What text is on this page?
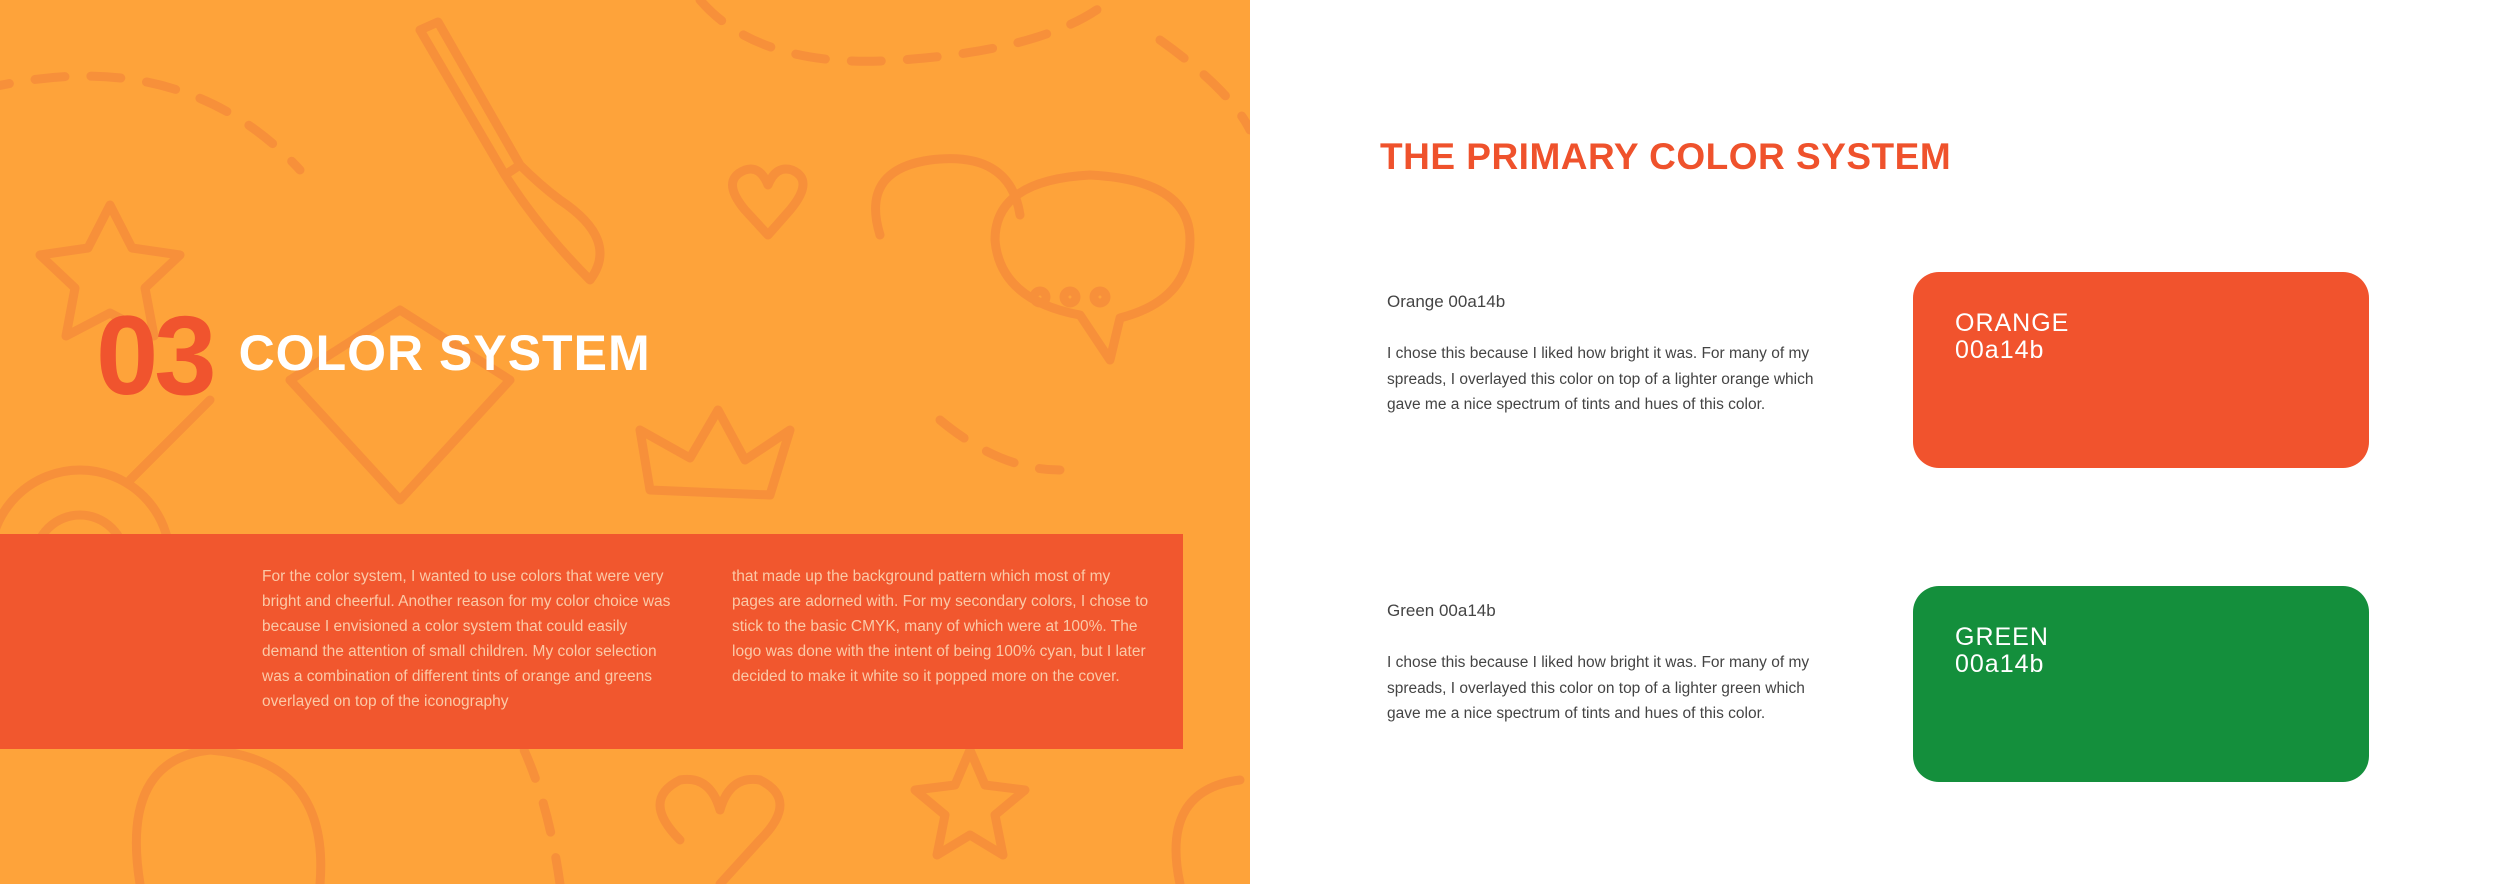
03 COLOR SYSTEM
For the color system, I wanted to use colors that were very bright and cheerful. Another reason for my color choice was because I envisioned a color system that could easily demand the attention of small children. My color selection was a combination of different tints of orange and greens overlayed on top of the iconography
that made up the background pattern which most of my pages are adorned with. For my secondary colors, I chose to stick to the basic CMYK, many of which were at 100%. The logo was done with the intent of being 100% cyan, but I later decided to make it white so it popped more on the cover.
THE PRIMARY COLOR SYSTEM
Orange 00a14b
I chose this because I liked how bright it was. For many of my spreads, I overlayed this color on top of a lighter orange which gave me a nice spectrum of tints and hues of this color.
ORANGE
00a14b
Green 00a14b
I chose this because I liked how bright it was. For many of my spreads, I overlayed this color on top of a lighter green which gave me a nice spectrum of tints and hues of this color.
GREEN
00a14b
